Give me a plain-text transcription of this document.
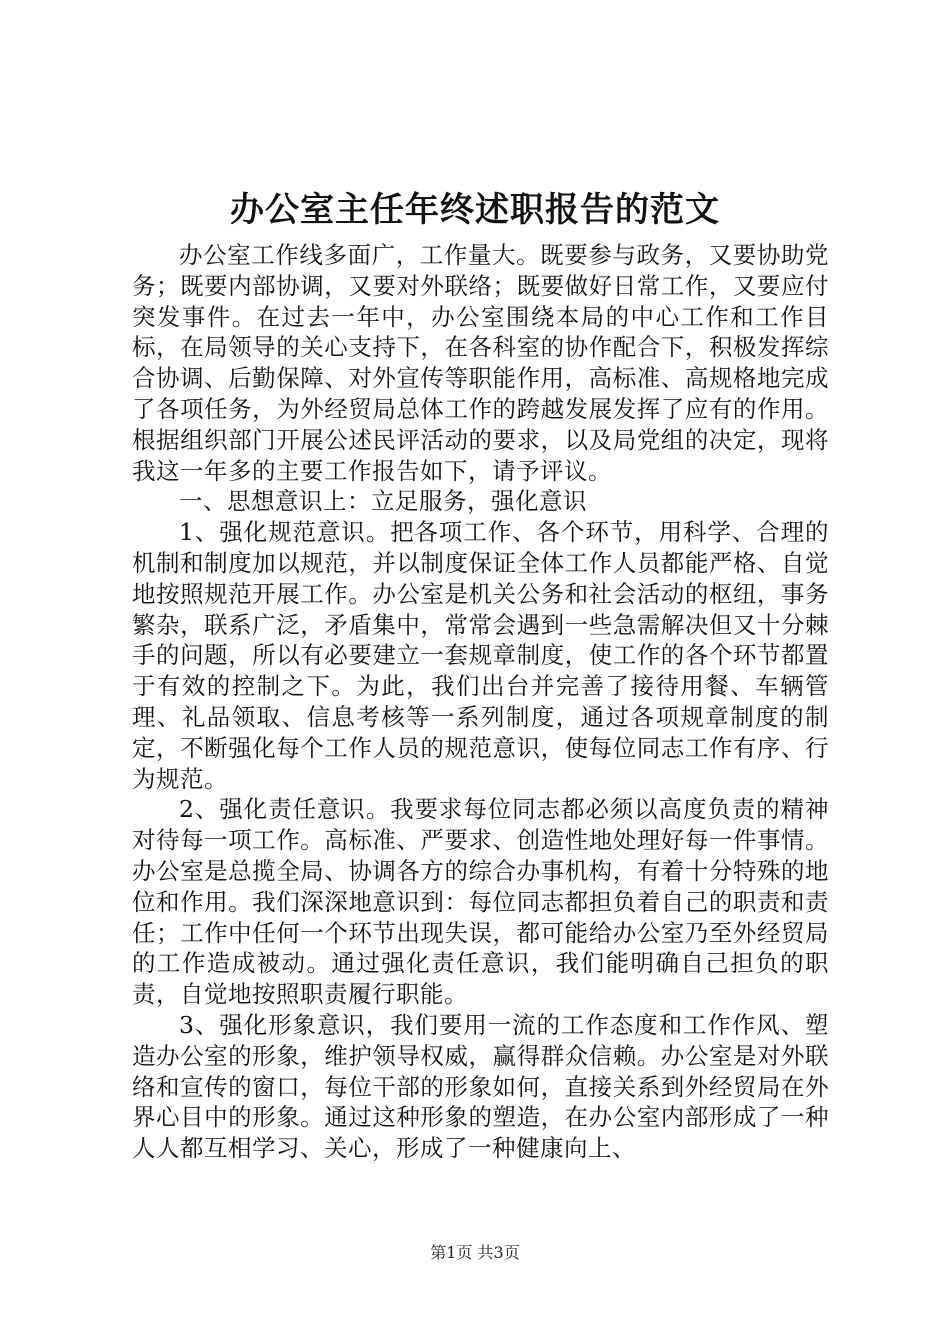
办公室主任年终述职报告的范文

办公室工作线多面广，工作量大。既要参与政务，又要协助党务；既要内部协调，又要对外联络；既要做好日常工作，又要应付突发事件。在过去一年中，办公室围绕本局的中心工作和工作目标，在局领导的关心支持下，在各科室的协作配合下，积极发挥综合协调、后勤保障、对外宣传等职能作用，高标准、高规格地完成了各项任务，为外经贸局总体工作的跨越发展发挥了应有的作用。根据组织部门开展公述民评活动的要求，以及局党组的决定，现将我这一年多的主要工作报告如下，请予评议。

一、思想意识上：立足服务，强化意识

1、强化规范意识。把各项工作、各个环节，用科学、合理的机制和制度加以规范，并以制度保证全体工作人员都能严格、自觉地按照规范开展工作。办公室是机关公务和社会活动的枢纽，事务繁杂，联系广泛，矛盾集中，常常会遇到一些急需解决但又十分棘手的问题，所以有必要建立一套规章制度，使工作的各个环节都置于有效的控制之下。为此，我们出台并完善了接待用餐、车辆管理、礼品领取、信息考核等一系列制度，通过各项规章制度的制定，不断强化每个工作人员的规范意识，使每位同志工作有序、行为规范。

2、强化责任意识。我要求每位同志都必须以高度负责的精神对待每一项工作。高标准、严要求、创造性地处理好每一件事情。办公室是总揽全局、协调各方的综合办事机构，有着十分特殊的地位和作用。我们深深地意识到：每位同志都担负着自己的职责和责任；工作中任何一个环节出现失误，都可能给办公室乃至外经贸局的工作造成被动。通过强化责任意识，我们能明确自己担负的职责，自觉地按照职责履行职能。

3、强化形象意识，我们要用一流的工作态度和工作作风、塑造办公室的形象，维护领导权威，赢得群众信赖。办公室是对外联络和宣传的窗口，每位干部的形象如何，直接关系到外经贸局在外界心目中的形象。通过这种形象的塑造，在办公室内部形成了一种人人都互相学习、关心，形成了一种健康向上、

第1页 共3页
